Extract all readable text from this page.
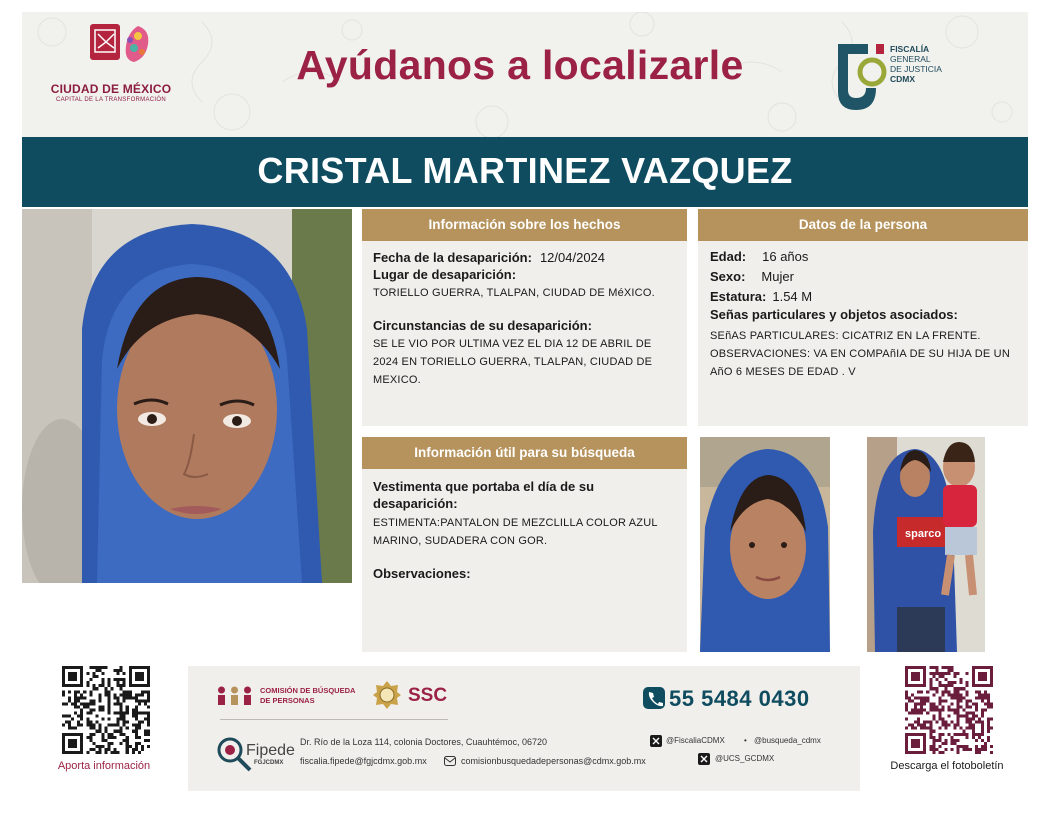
CIUDAD DE MÉXICO
CAPITAL DE LA TRANSFORMACIÓN
Ayúdanos a localizarle	FISCALÍA
GENERAL
DE JUSTICIA
CDMX
CRISTAL MARTINEZ VAZQUEZ
Información sobre los hechos
Fecha de la desaparición: 12/04/2024
Lugar de desaparición:
TORIELLO GUERRA, TLALPAN, CIUDAD DE MéXICO.
Circunstancias de su desaparición:
SE LE VIO POR ULTIMA VEZ EL DIA 12 DE ABRIL DE 2024 EN TORIELLO GUERRA, TLALPAN, CIUDAD DE MEXICO.
Datos de la persona
Edad: 16 años
Sexo: Mujer
Estatura: 1.54 M
Señas particulares y objetos asociados:
SEñAS PARTICULARES: CICATRIZ EN LA FRENTE.
OBSERVACIONES: VA EN COMPAñIA DE SU HIJA DE UN AñO 6 MESES DE EDAD . V
Información útil para su búsqueda
Vestimenta que portaba el día de su desaparición:
ESTIMENTA:PANTALON DE MEZCLILLA COLOR AZUL MARINO, SUDADERA CON GOR.
Observaciones:
sparco
Aporta información	Descarga el fotoboletín
COMISIÓN DE BÚSQUEDA
DE PERSONAS	SSC	55 5484 0430
Fipede
FGJCDMX
Dr. Río de la Loza 114, colonia Doctores, Cuauhtémoc, 06720
fiscalia.fipede@fgjcdmx.gob.mx	comisionbusquedadepersonas@cdmx.gob.mx
@FiscaliaCDMX • @busqueda_cdmx
@UCS_GCDMX
